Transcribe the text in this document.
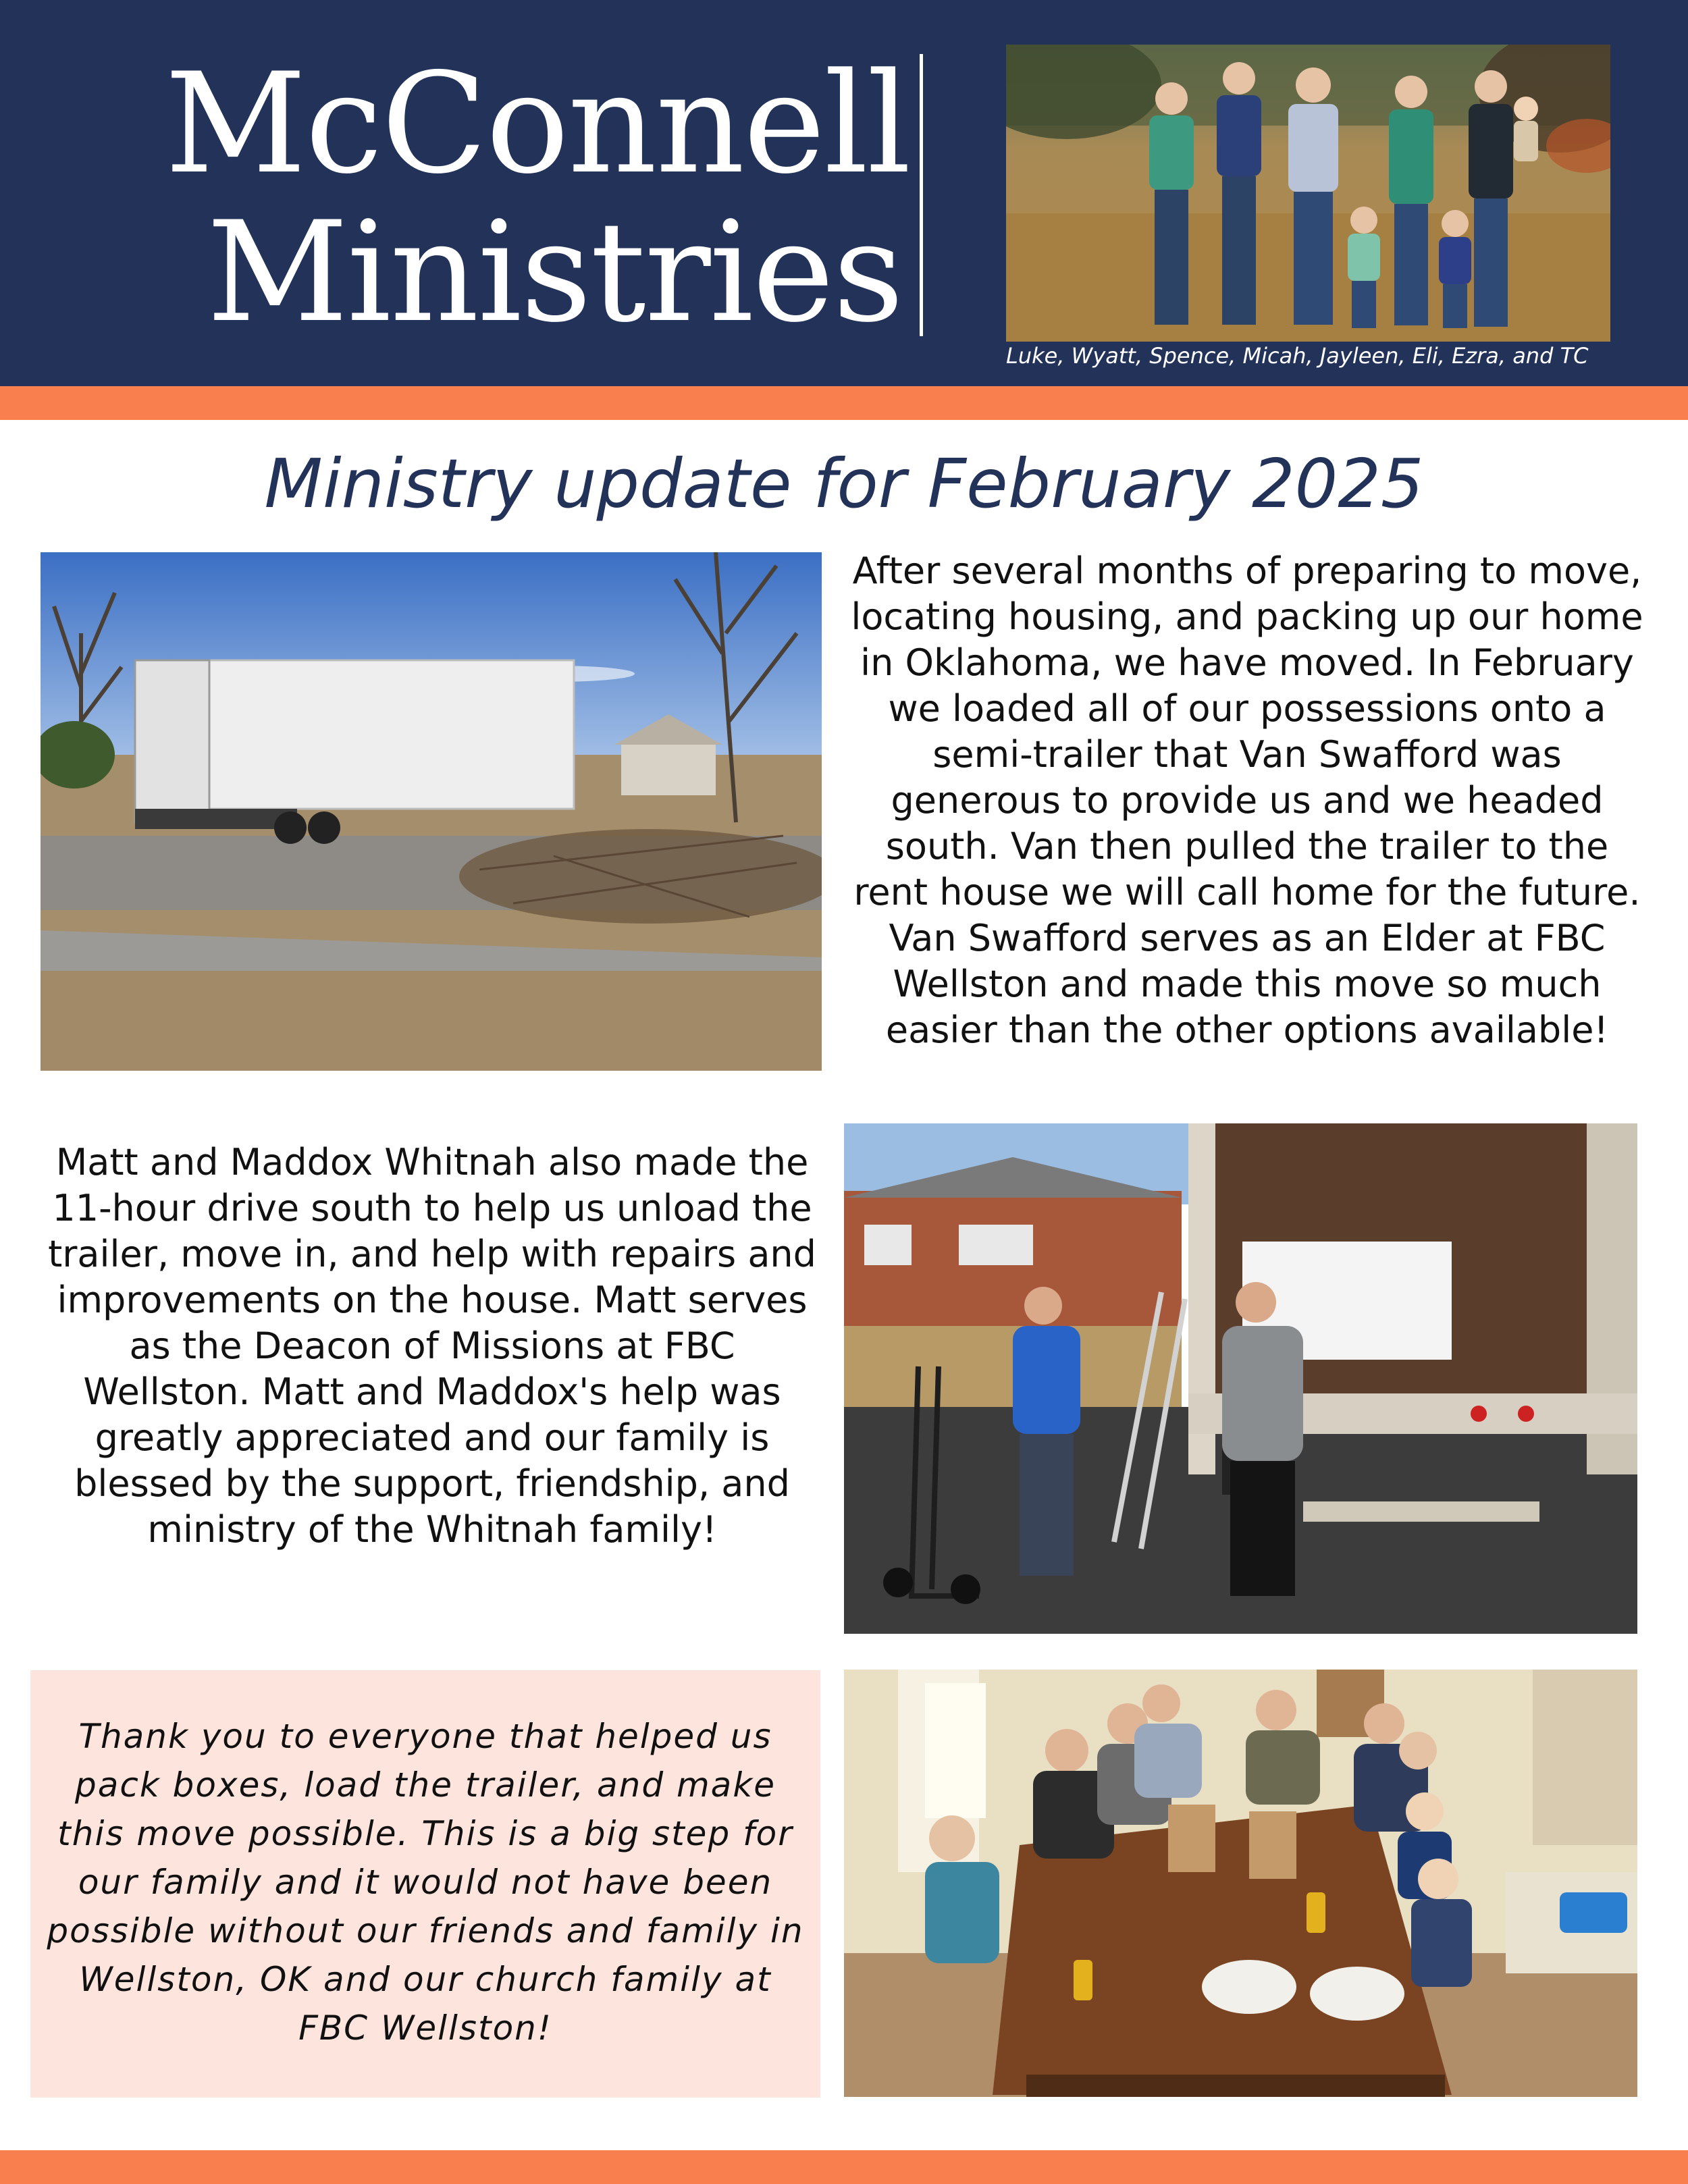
McConnell
Ministries
Luke, Wyatt, Spence, Micah, Jayleen, Eli, Ezra, and TC
Ministry update for February 2025

After several months of preparing to move, locating housing, and packing up our home in Oklahoma, we have moved. In February we loaded all of our possessions onto a semi-trailer that Van Swafford was generous to provide us and we headed south. Van then pulled the trailer to the rent house we will call home for the future. Van Swafford serves as an Elder at FBC Wellston and made this move so much easier than the other options available!

Matt and Maddox Whitnah also made the 11-hour drive south to help us unload the trailer, move in, and help with repairs and improvements on the house. Matt serves as the Deacon of Missions at FBC Wellston. Matt and Maddox's help was greatly appreciated and our family is blessed by the support, friendship, and ministry of the Whitnah family!

Thank you to everyone that helped us pack boxes, load the trailer, and make this move possible. This is a big step for our family and it would not have been possible without our friends and family in Wellston, OK and our church family at FBC Wellston!
